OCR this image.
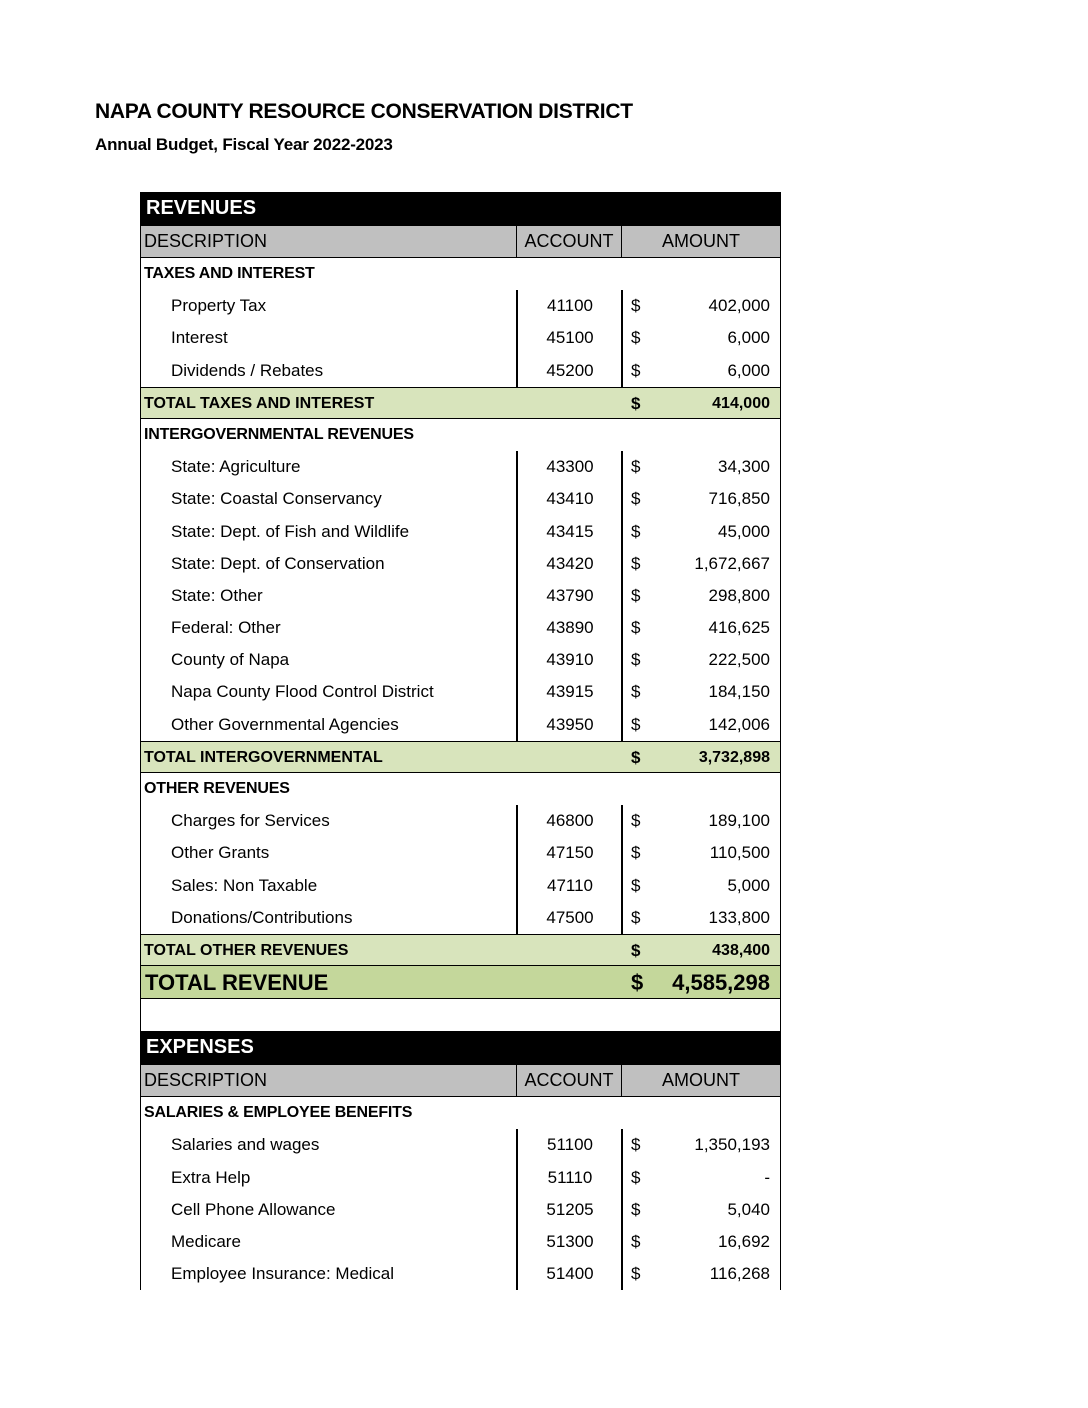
NAPA COUNTY RESOURCE CONSERVATION DISTRICT
Annual Budget, Fiscal Year 2022-2023
REVENUES
DESCRIPTION	ACCOUNT	AMOUNT
TAXES AND INTEREST
Property Tax	41100	$	402,000
Interest	45100	$	6,000
Dividends / Rebates	45200	$	6,000
TOTAL TAXES AND INTEREST	$	414,000
INTERGOVERNMENTAL REVENUES
State: Agriculture	43300	$	34,300
State: Coastal Conservancy	43410	$	716,850
State: Dept. of Fish and Wildlife	43415	$	45,000
State: Dept. of Conservation	43420	$	1,672,667
State: Other	43790	$	298,800
Federal: Other	43890	$	416,625
County of Napa	43910	$	222,500
Napa County Flood Control District	43915	$	184,150
Other Governmental Agencies	43950	$	142,006
TOTAL INTERGOVERNMENTAL	$	3,732,898
OTHER REVENUES
Charges for Services	46800	$	189,100
Other Grants	47150	$	110,500
Sales: Non Taxable	47110	$	5,000
Donations/Contributions	47500	$	133,800
TOTAL OTHER REVENUES	$	438,400
TOTAL REVENUE	$ 4,585,298
EXPENSES
DESCRIPTION	ACCOUNT	AMOUNT
SALARIES & EMPLOYEE BENEFITS
Salaries and wages	51100	$	1,350,193
Extra Help	51110	$	-
Cell Phone Allowance	51205	$	5,040
Medicare	51300	$	16,692
Employee Insurance: Medical	51400	$	116,268
